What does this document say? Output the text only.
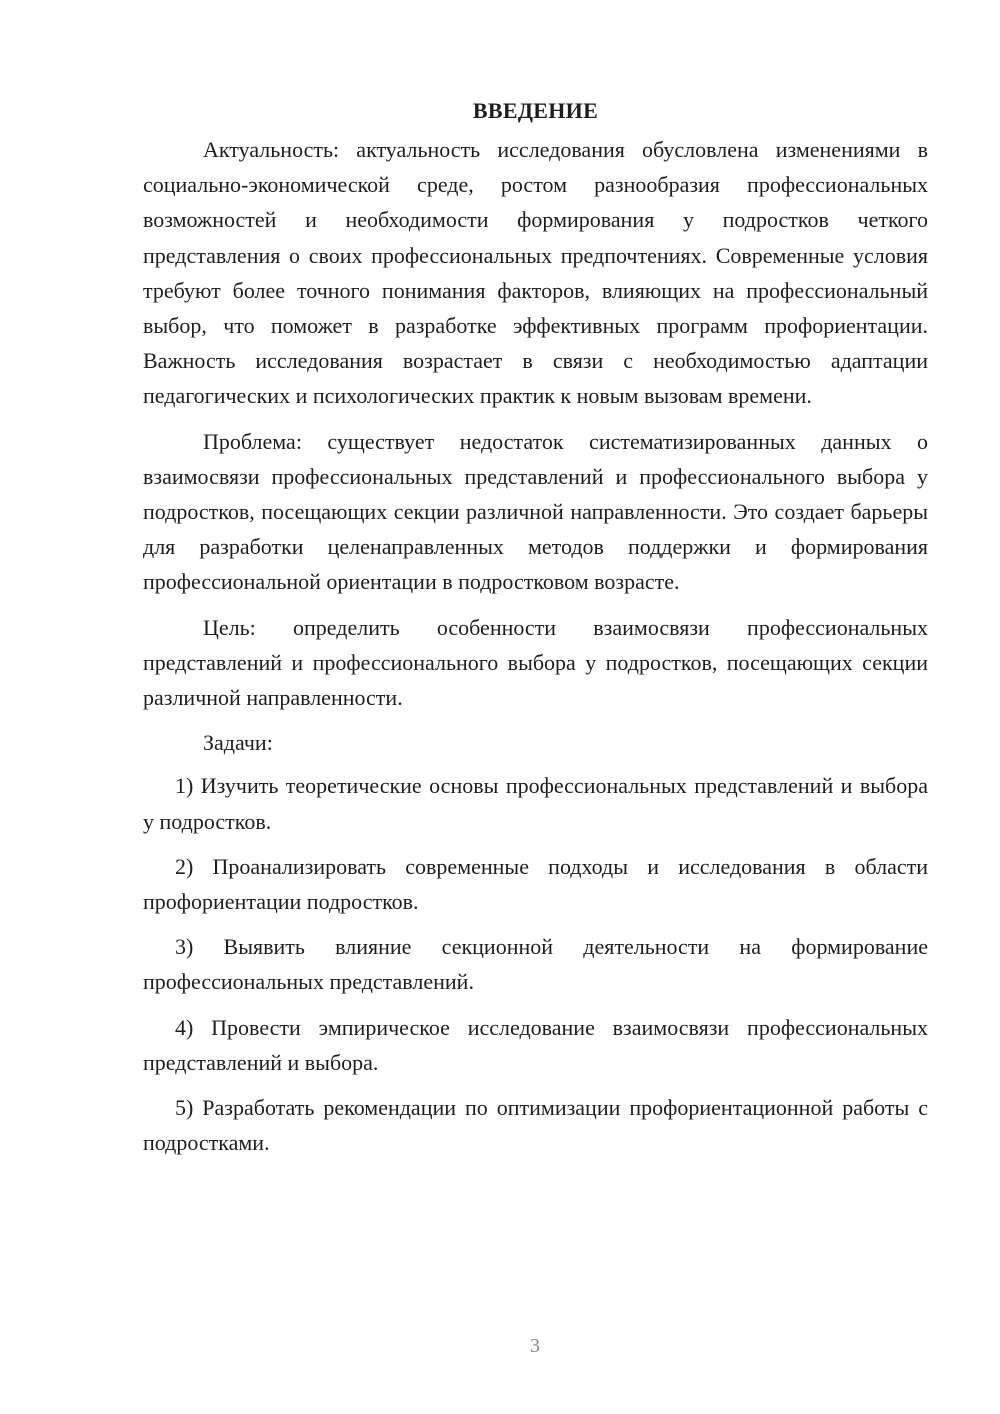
ВВЕДЕНИЕ

Актуальность: актуальность исследования обусловлена изменениями в социально-экономической среде, ростом разнообразия профессиональных возможностей и необходимости формирования у подростков четкого представления о своих профессиональных предпочтениях. Современные условия требуют более точного понимания факторов, влияющих на профессиональный выбор, что поможет в разработке эффективных программ профориентации. Важность исследования возрастает в связи с необходимостью адаптации педагогических и психологических практик к новым вызовам времени.

Проблема: существует недостаток систематизированных данных о взаимосвязи профессиональных представлений и профессионального выбора у подростков, посещающих секции различной направленности. Это создает барьеры для разработки целенаправленных методов поддержки и формирования профессиональной ориентации в подростковом возрасте.

Цель: определить особенности взаимосвязи профессиональных представлений и профессионального выбора у подростков, посещающих секции различной направленности.

Задачи:

1) Изучить теоретические основы профессиональных представлений и выбора у подростков.

2) Проанализировать современные подходы и исследования в области профориентации подростков.

3) Выявить влияние секционной деятельности на формирование профессиональных представлений.

4) Провести эмпирическое исследование взаимосвязи профессиональных представлений и выбора.

5) Разработать рекомендации по оптимизации профориентационной работы с подростками.

3
